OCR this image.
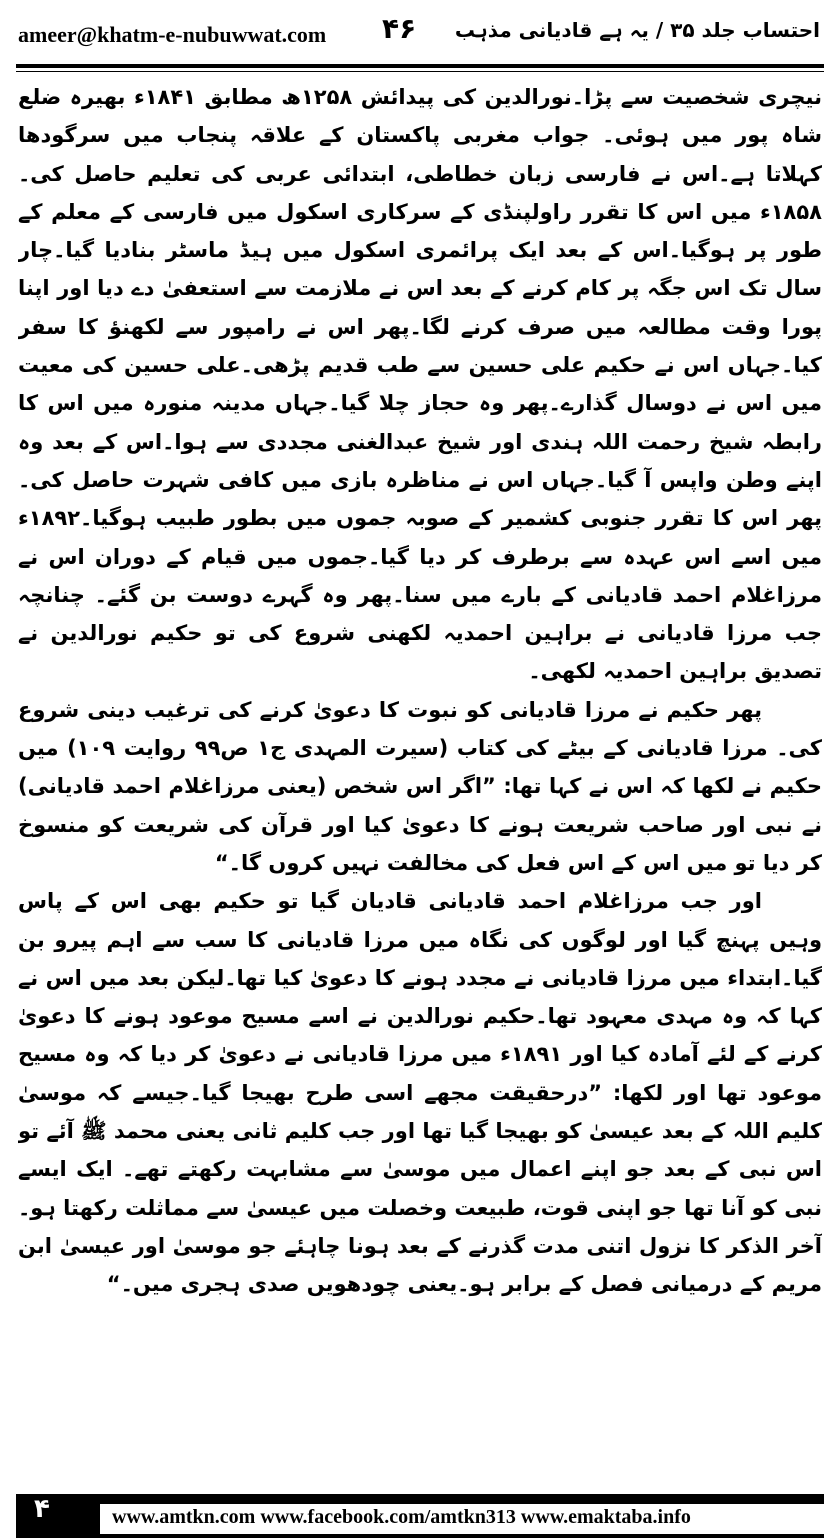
ameer@khatm-e-nubuwwat.com ۴۶ احتساب جلد ۳۵ / یہ ہے قادیانی مذہب

نیچری شخصیت سے پڑا۔نورالدین کی پیدائش ۱۲۵۸ھ مطابق ۱۸۴۱ء بھیرہ ضلع شاہ پور میں ہوئی۔ جواب مغربی پاکستان کے علاقہ پنجاب میں سرگودھا کہلاتا ہے۔اس نے فارسی زبان خطاطی، ابتدائی عربی کی تعلیم حاصل کی۔ ۱۸۵۸ء میں اس کا تقرر راولپنڈی کے سرکاری اسکول میں فارسی کے معلم کے طور پر ہوگیا۔اس کے بعد ایک پرائمری اسکول میں ہیڈ ماسٹر بنادیا گیا۔چار سال تک اس جگہ پر کام کرنے کے بعد اس نے ملازمت سے استعفیٰ دے دیا اور اپنا پورا وقت مطالعہ میں صرف کرنے لگا۔پھر اس نے رامپور سے لکھنؤ کا سفر کیا۔جہاں اس نے حکیم علی حسین سے طب قدیم پڑھی۔علی حسین کی معیت میں اس نے دوسال گذارے۔پھر وہ حجاز چلا گیا۔جہاں مدینہ منورہ میں اس کا رابطہ شیخ رحمت اللہ ہندی اور شیخ عبدالغنی مجددی سے ہوا۔اس کے بعد وہ اپنے وطن واپس آ گیا۔جہاں اس نے مناظرہ بازی میں کافی شہرت حاصل کی۔پھر اس کا تقرر جنوبی کشمیر کے صوبہ جموں میں بطور طبیب ہوگیا۔۱۸۹۲ء میں اسے اس عہدہ سے برطرف کر دیا گیا۔جموں میں قیام کے دوران اس نے مرزاغلام احمد قادیانی کے بارے میں سنا۔پھر وہ گہرے دوست بن گئے۔ چنانچہ جب مرزا قادیانی نے براہین احمدیہ لکھنی شروع کی تو حکیم نورالدین نے تصدیق براہین احمدیہ لکھی۔

پھر حکیم نے مرزا قادیانی کو نبوت کا دعویٰ کرنے کی ترغیب دینی شروع کی۔ مرزا قادیانی کے بیٹے کی کتاب (سیرت المہدی ج۱ ص۹۹ روایت ۱۰۹) میں حکیم نے لکھا کہ اس نے کہا تھا: ”اگر اس شخص (یعنی مرزاغلام احمد قادیانی) نے نبی اور صاحب شریعت ہونے کا دعویٰ کیا اور قرآن کی شریعت کو منسوخ کر دیا تو میں اس کے اس فعل کی مخالفت نہیں کروں گا۔“

اور جب مرزاغلام احمد قادیانی قادیان گیا تو حکیم بھی اس کے پاس وہیں پہنچ گیا اور لوگوں کی نگاہ میں مرزا قادیانی کا سب سے اہم پیرو بن گیا۔ابتداء میں مرزا قادیانی نے مجدد ہونے کا دعویٰ کیا تھا۔لیکن بعد میں اس نے کہا کہ وہ مہدی معہود تھا۔حکیم نورالدین نے اسے مسیح موعود ہونے کا دعویٰ کرنے کے لئے آمادہ کیا اور ۱۸۹۱ء میں مرزا قادیانی نے دعویٰ کر دیا کہ وہ مسیح موعود تھا اور لکھا: ”درحقیقت مجھے اسی طرح بھیجا گیا۔جیسے کہ موسیٰ کلیم اللہ کے بعد عیسیٰ کو بھیجا گیا تھا اور جب کلیم ثانی یعنی محمد ﷺ آئے تو اس نبی کے بعد جو اپنے اعمال میں موسیٰ سے مشابہت رکھتے تھے۔ ایک ایسے نبی کو آنا تھا جو اپنی قوت، طبیعت وخصلت میں عیسیٰ سے مماثلت رکھتا ہو۔آخر الذکر کا نزول اتنی مدت گذرنے کے بعد ہونا چاہئے جو موسیٰ اور عیسیٰ ابن مریم کے درمیانی فصل کے برابر ہو۔یعنی چودھویں صدی ہجری میں۔“

۴	www.amtkn.com www.facebook.com/amtkn313 www.emaktaba.info
